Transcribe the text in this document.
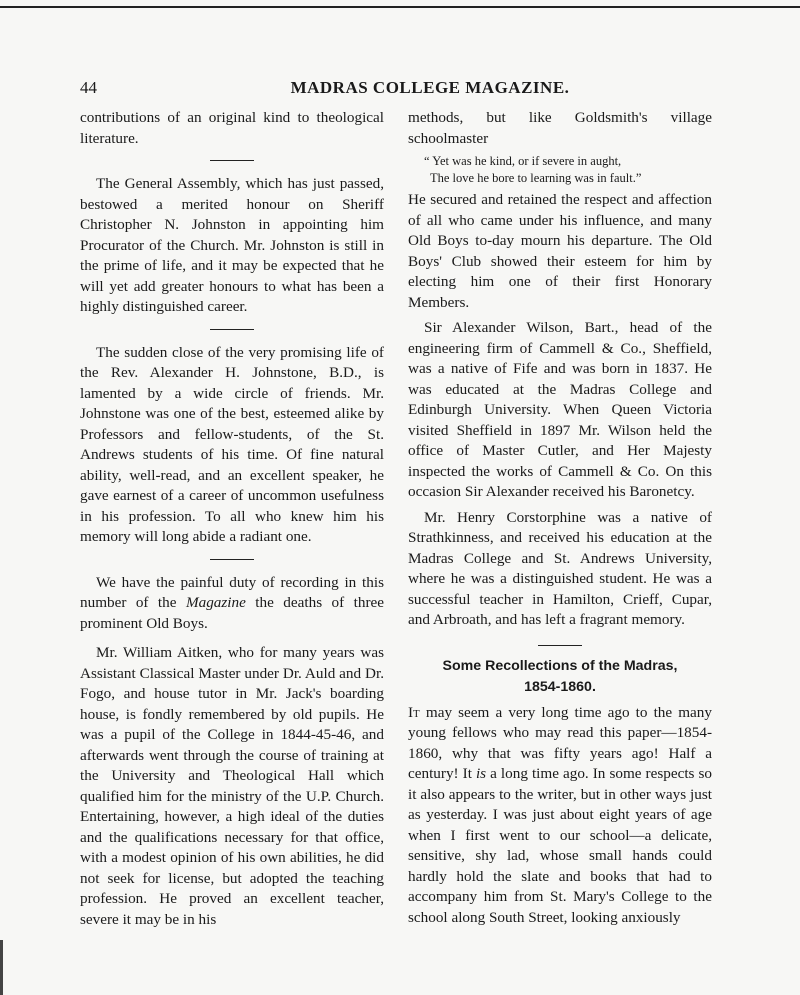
44	MADRAS COLLEGE MAGAZINE.

contributions of an original kind to theological literature.

The General Assembly, which has just passed, bestowed a merited honour on Sheriff Christopher N. Johnston in appointing him Procurator of the Church. Mr. Johnston is still in the prime of life, and it may be expected that he will yet add greater honours to what has been a highly distinguished career.

The sudden close of the very promising life of the Rev. Alexander H. Johnstone, B.D., is lamented by a wide circle of friends. Mr. Johnstone was one of the best, esteemed alike by Professors and fellow-students, of the St. Andrews students of his time. Of fine natural ability, well-read, and an excellent speaker, he gave earnest of a career of uncommon usefulness in his profession. To all who knew him his memory will long abide a radiant one.

We have the painful duty of recording in this number of the Magazine the deaths of three prominent Old Boys.

Mr. William Aitken, who for many years was Assistant Classical Master under Dr. Auld and Dr. Fogo, and house tutor in Mr. Jack's boarding house, is fondly remembered by old pupils. He was a pupil of the College in 1844-45-46, and afterwards went through the course of training at the University and Theological Hall which qualified him for the ministry of the U.P. Church. Entertaining, however, a high ideal of the duties and the qualifications necessary for that office, with a modest opinion of his own abilities, he did not seek for license, but adopted the teaching profession. He proved an excellent teacher, severe it may be in his

methods, but like Goldsmith's village schoolmaster

“ Yet was he kind, or if severe in aught,
The love he bore to learning was in fault.”

He secured and retained the respect and affection of all who came under his influence, and many Old Boys to-day mourn his departure. The Old Boys' Club showed their esteem for him by electing him one of their first Honorary Members.

Sir Alexander Wilson, Bart., head of the engineering firm of Cammell & Co., Sheffield, was a native of Fife and was born in 1837. He was educated at the Madras College and Edinburgh University. When Queen Victoria visited Sheffield in 1897 Mr. Wilson held the office of Master Cutler, and Her Majesty inspected the works of Cammell & Co. On this occasion Sir Alexander received his Baronetcy.

Mr. Henry Corstorphine was a native of Strathkinness, and received his education at the Madras College and St. Andrews University, where he was a distinguished student. He was a successful teacher in Hamilton, Crieff, Cupar, and Arbroath, and has left a fragrant memory.

Some Recollections of the Madras,
1854-1860.

It may seem a very long time ago to the many young fellows who may read this paper—1854-1860, why that was fifty years ago! Half a century! It is a long time ago. In some respects so it also appears to the writer, but in other ways just as yesterday. I was just about eight years of age when I first went to our school—a delicate, sensitive, shy lad, whose small hands could hardly hold the slate and books that had to accompany him from St. Mary's College to the school along South Street, looking anxiously
